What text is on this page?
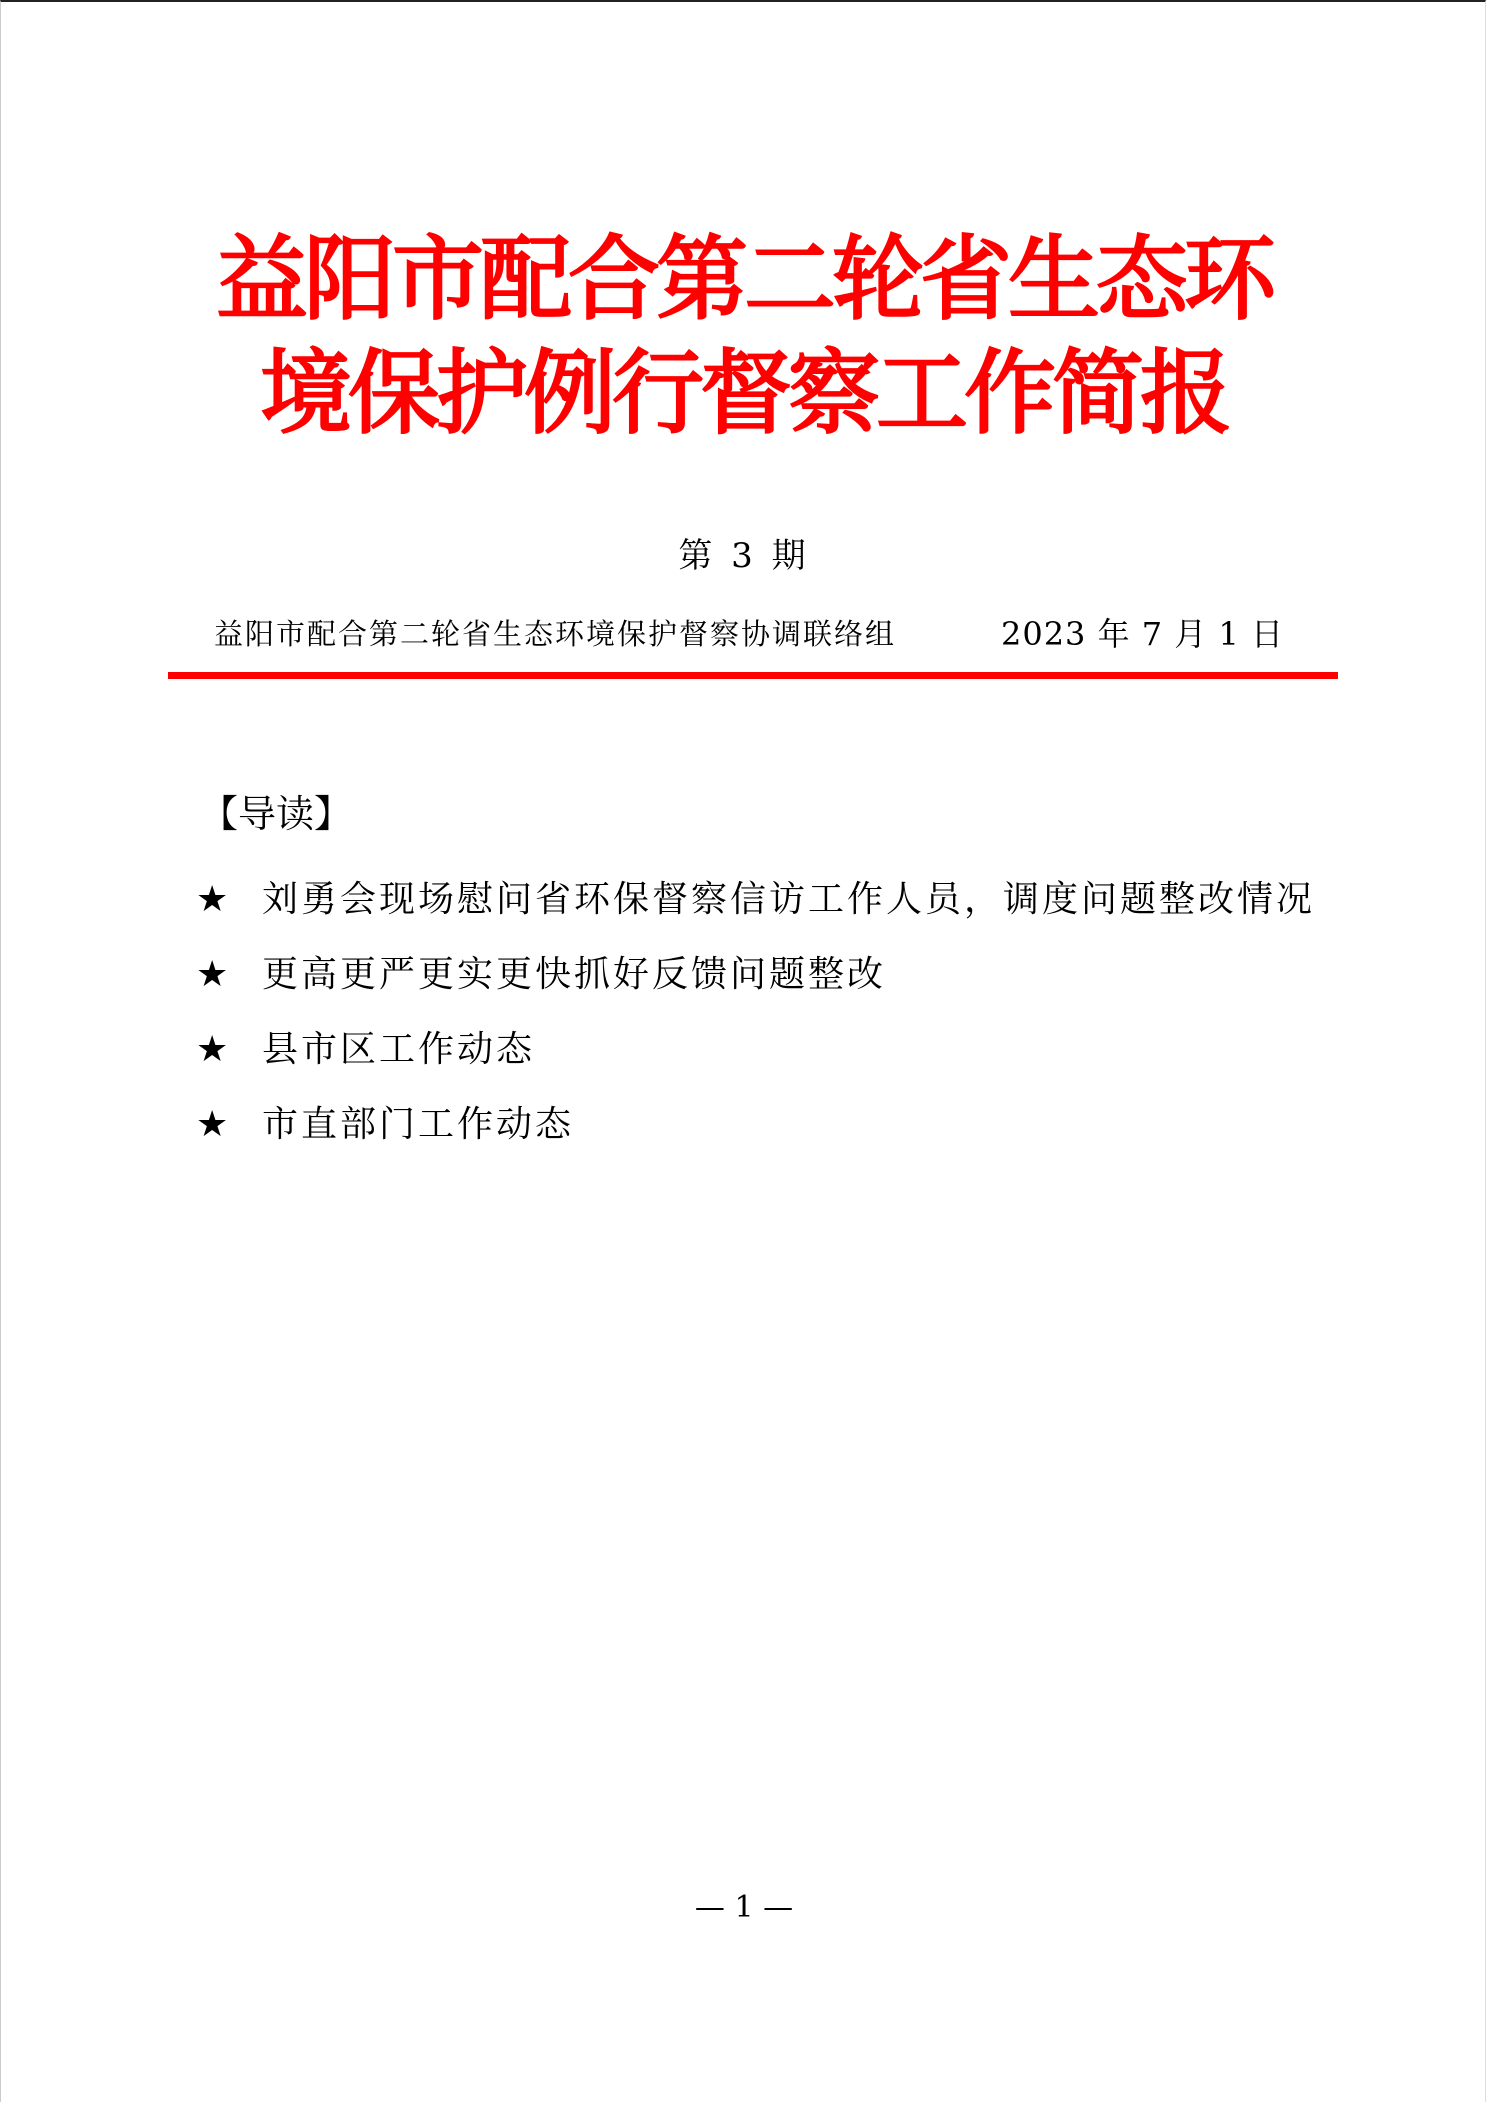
益阳市配合第二轮省生态环
境保护例行督察工作简报
第 3 期
益阳市配合第二轮省生态环境保护督察协调联络组	2023 年 7 月 1 日
【导读】
★ 刘勇会现场慰问省环保督察信访工作人员，调度问题整改情况
★ 更高更严更实更快抓好反馈问题整改
★ 县市区工作动态
★ 市直部门工作动态
— 1 —
